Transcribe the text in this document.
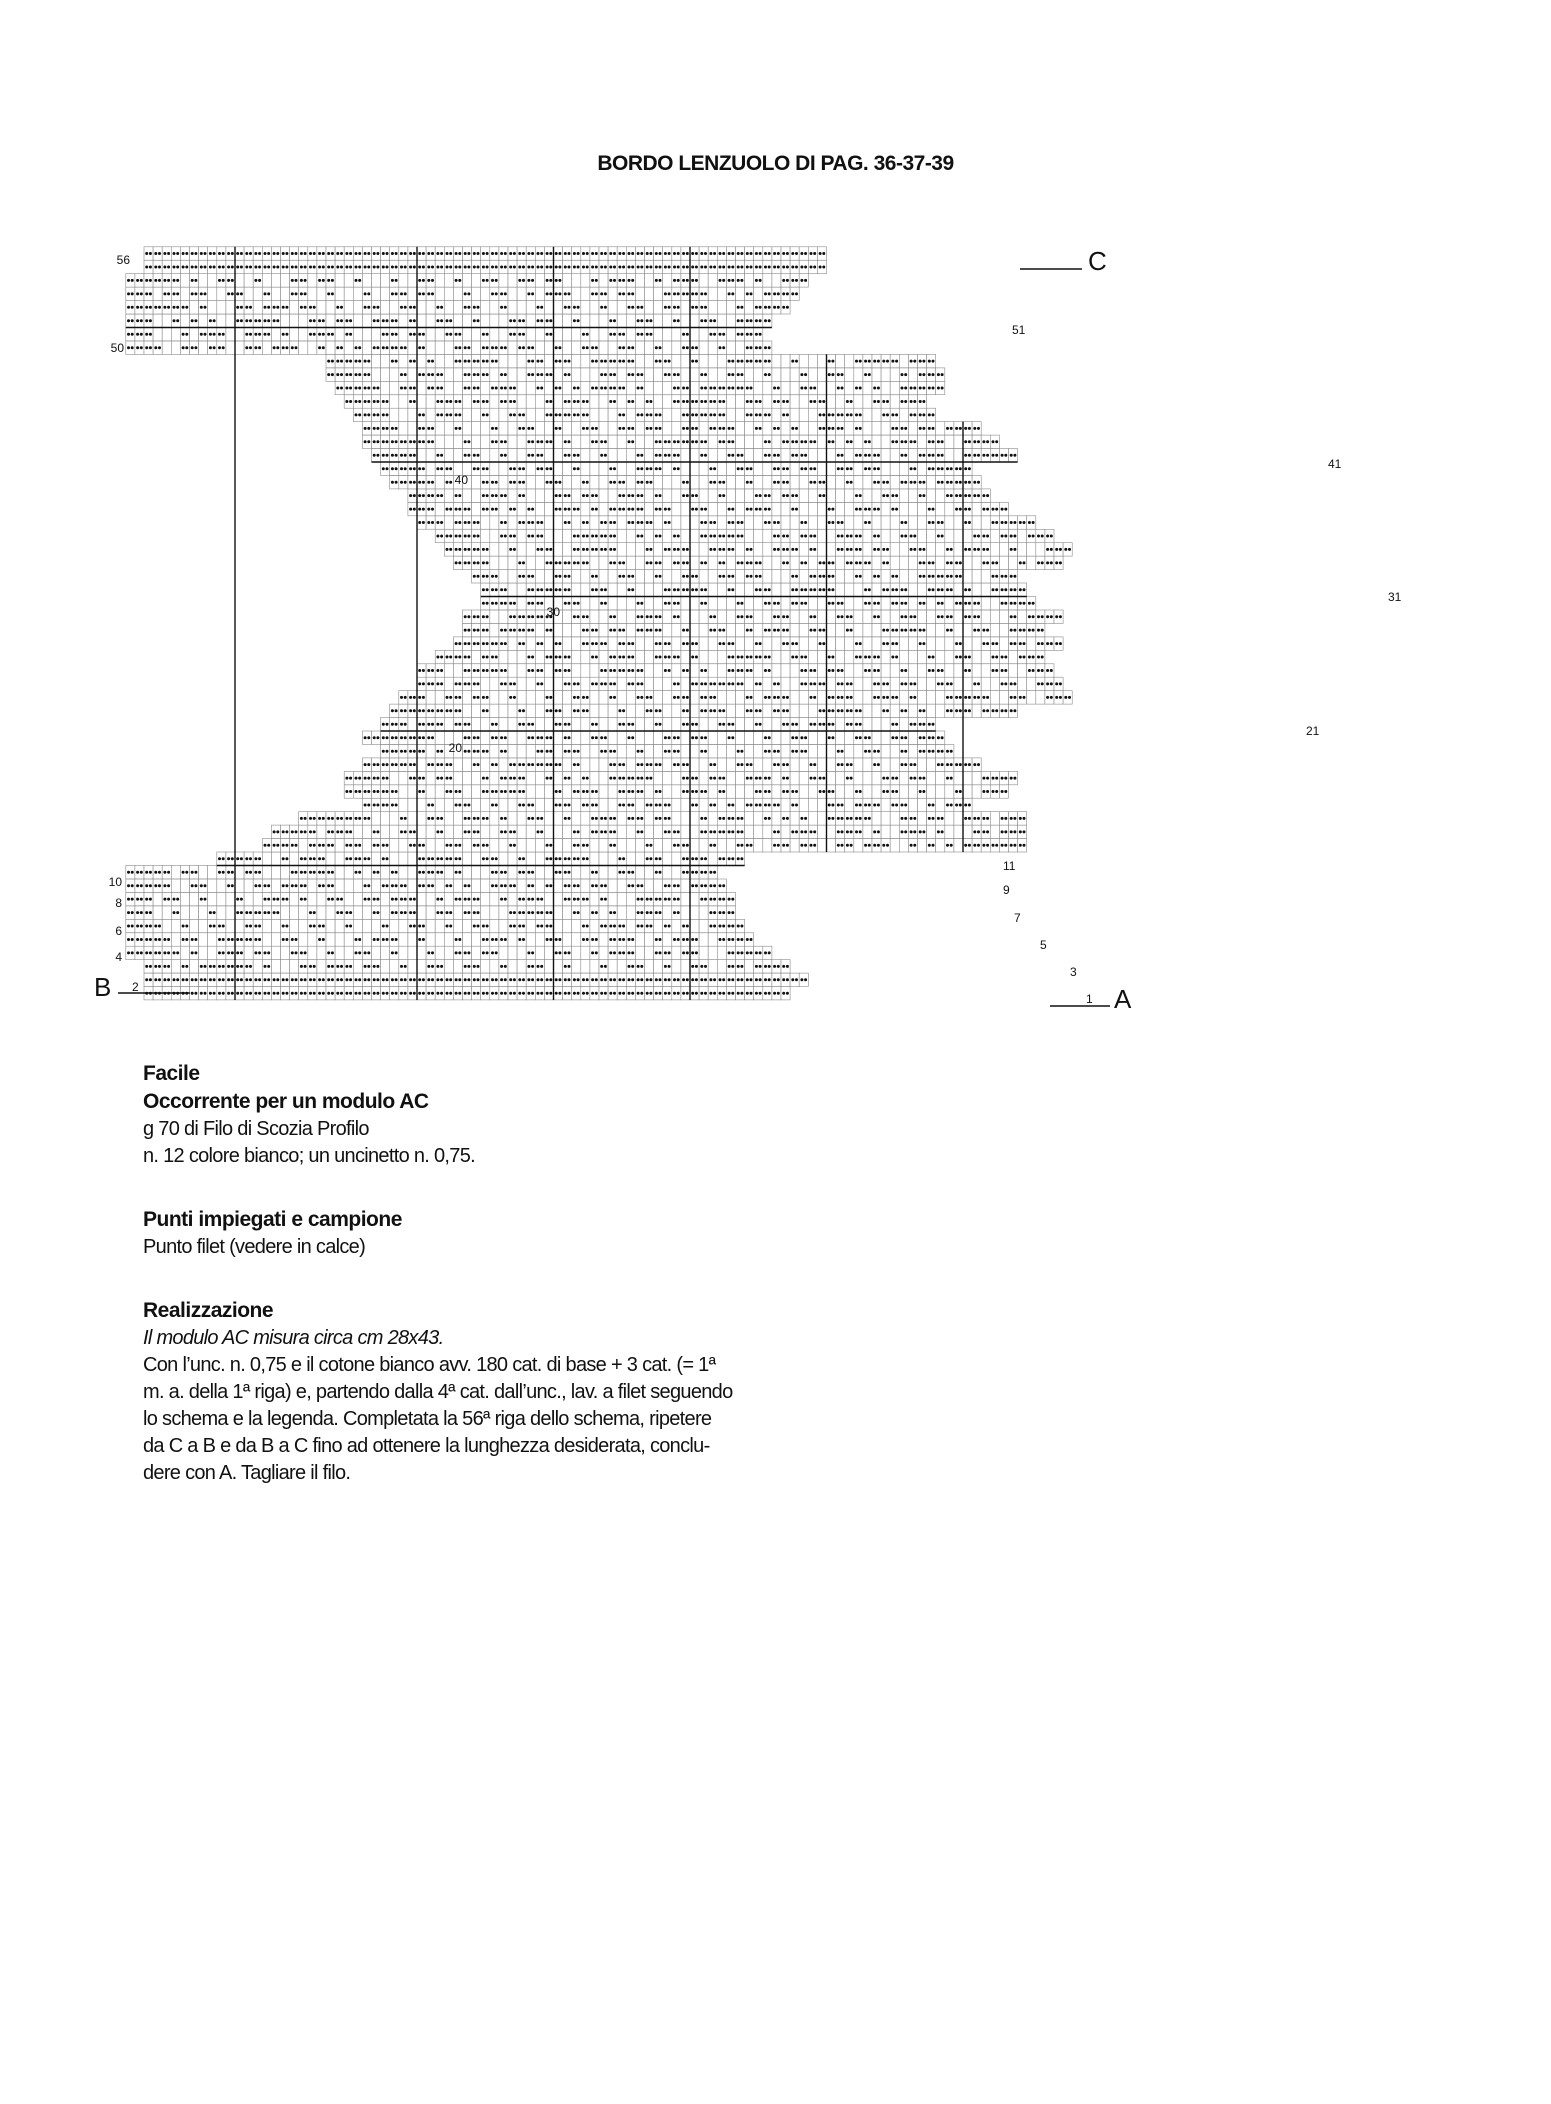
BORDO LENZUOLO DI PAG. 36-37-39
C
B	A
56
50
51
40
41
30
31
20
21
11
10
9
8
7
6
5
4
3
2
1
Facile
Occorrente per un modulo AC

g 70 di Filo di Scozia Profilo

n. 12 colore bianco; un uncinetto n. 0,75.

Punti impiegati e campione

Punto filet (vedere in calce)

Realizzazione

Il modulo AC misura circa cm 28x43.

Con l’unc. n. 0,75 e il cotone bianco avv. 180 cat. di base + 3 cat. (= 1ª

m. a. della 1ª riga) e, partendo dalla 4ª cat. dall’unc., lav. a filet seguendo

lo schema e la legenda. Completata la 56ª riga dello schema, ripetere

da C a B e da B a C fino ad ottenere la lunghezza desiderata, conclu-

dere con A. Tagliare il filo.
